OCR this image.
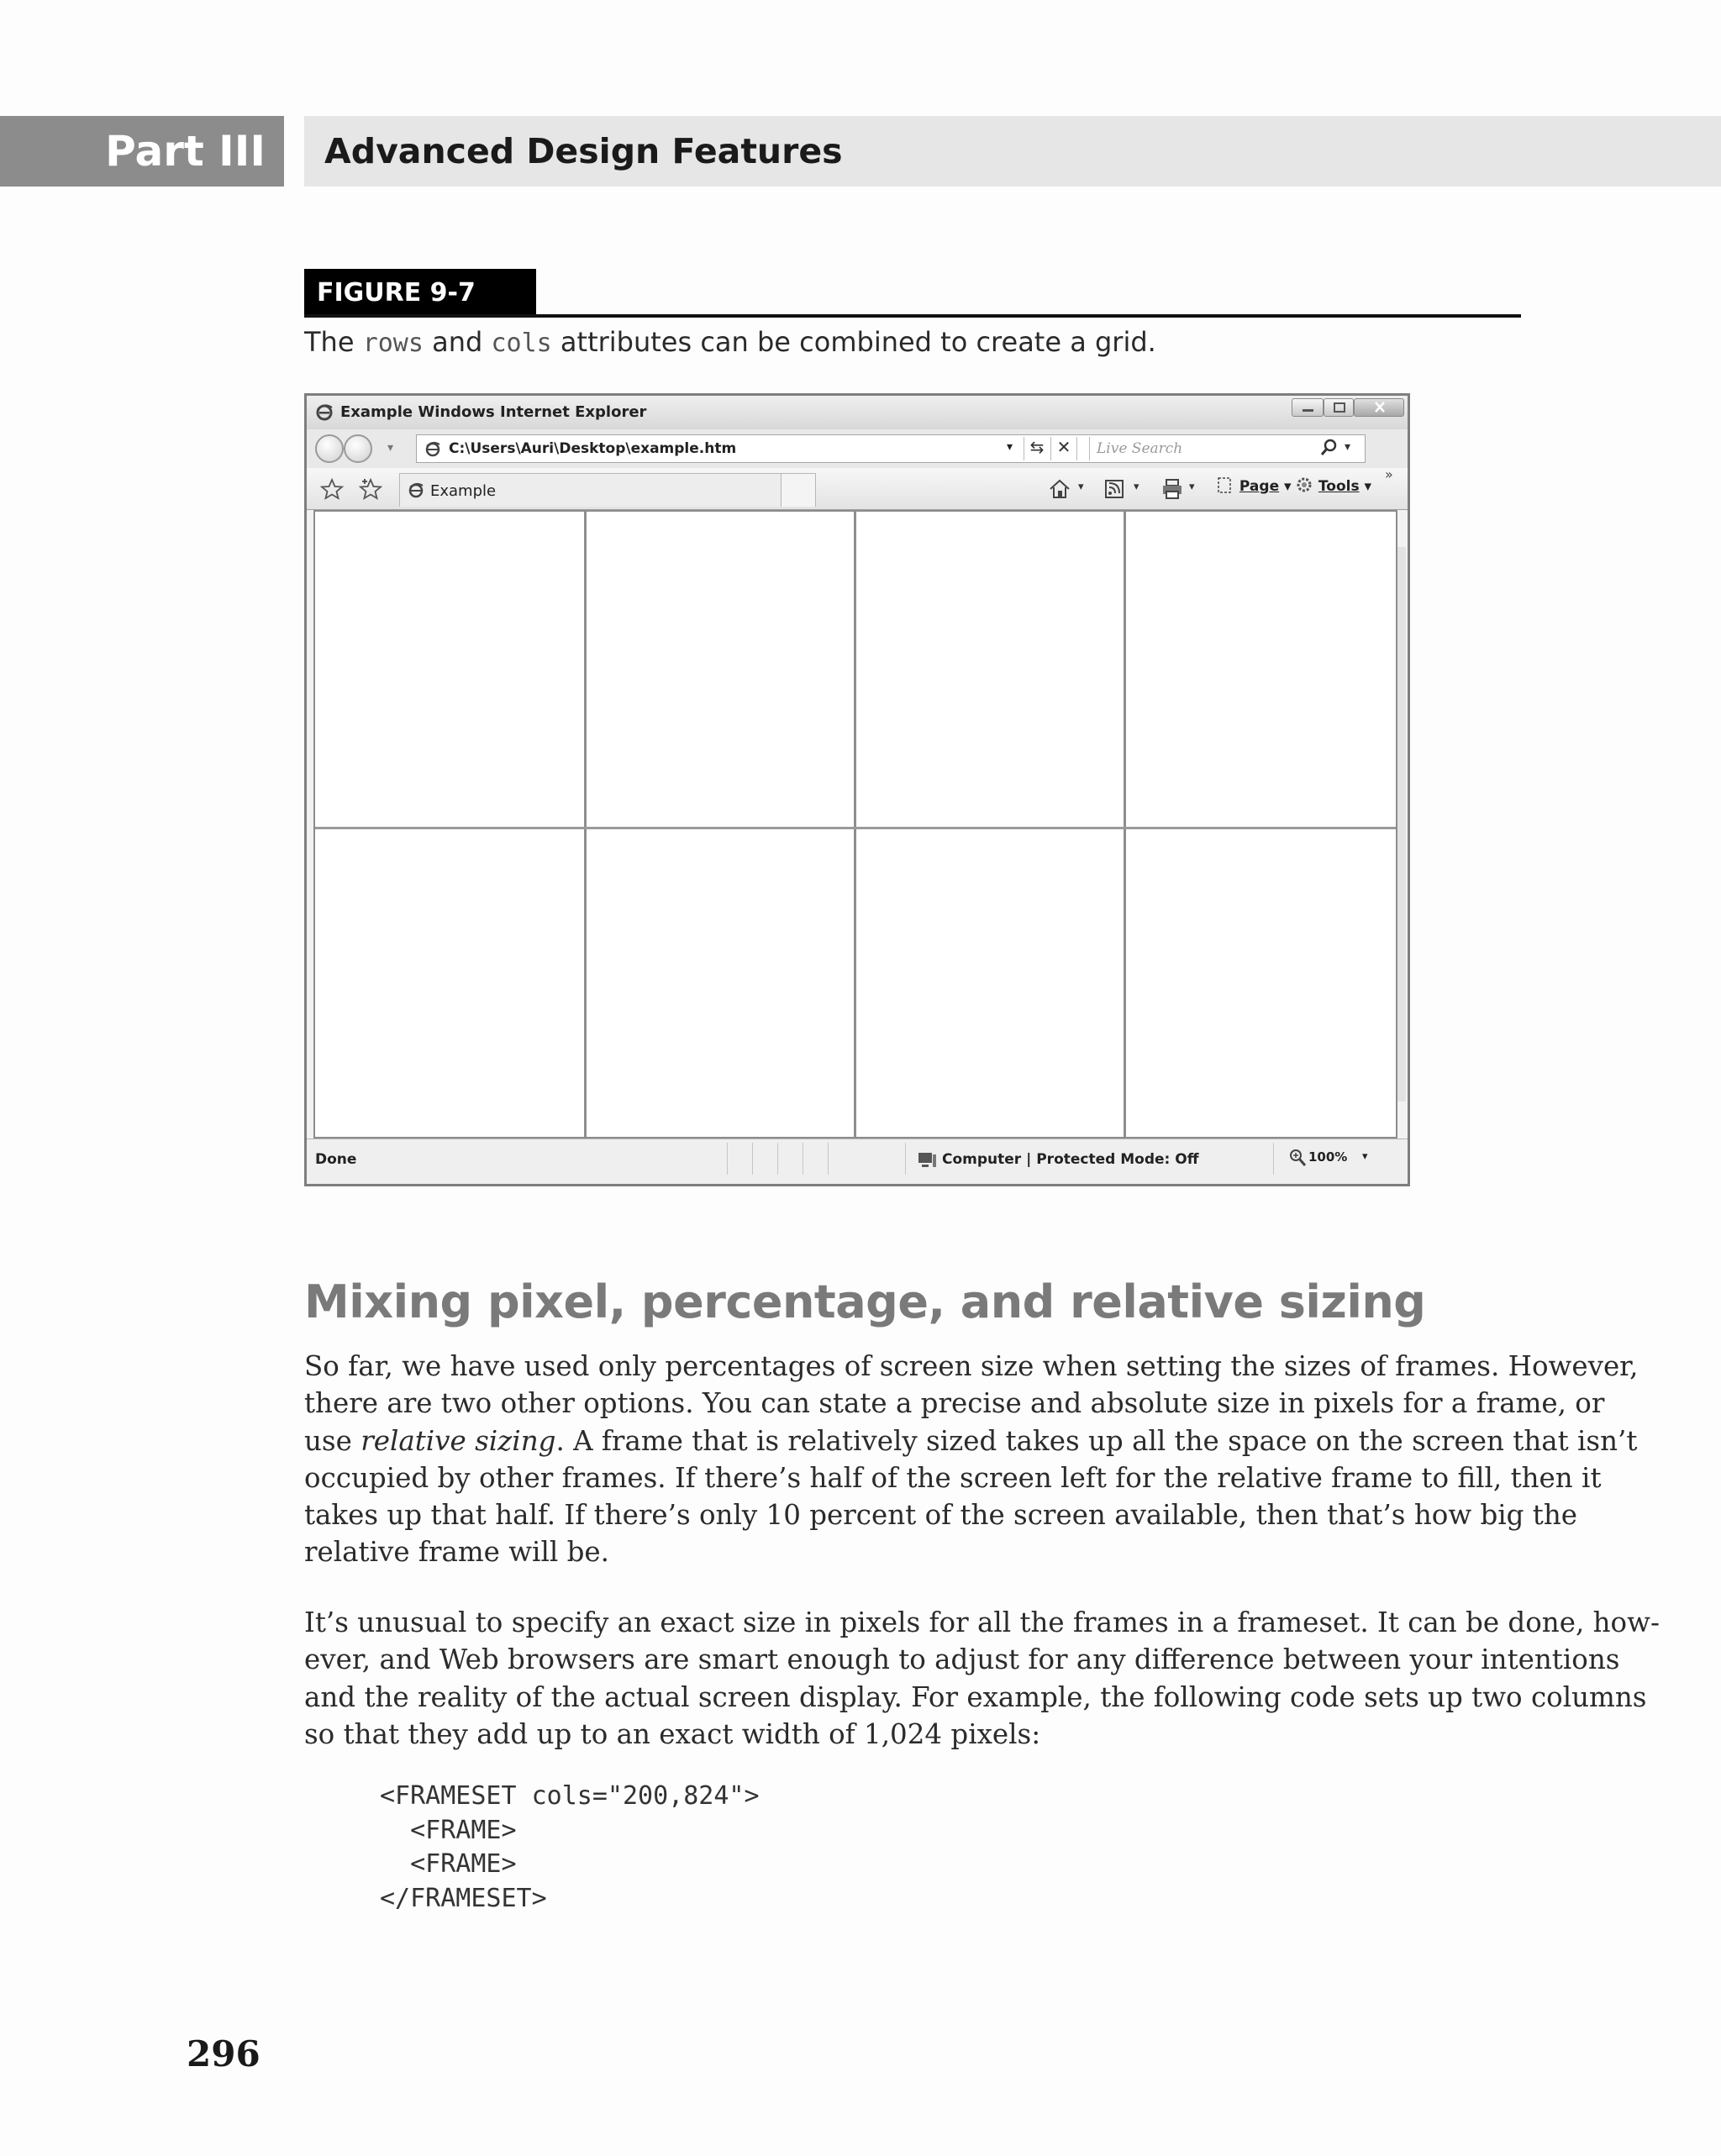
Part III	Advanced Design Features
FIGURE 9-7
The rows and cols attributes can be combined to create a grid.
Example Windows Internet Explorer
▾	C:\Users\Auri\Desktop\example.htm	▾	⇆ ✕	Live Search	▾
Example	▾	▾	▾	Page ▾	Tools ▾
»
Done	Computer | Protected Mode: Off	100% ▾
Mixing pixel, percentage, and relative sizing
So far, we have used only percentages of screen size when setting the sizes of frames. However,
there are two other options. You can state a precise and absolute size in pixels for a frame, or
use relative sizing. A frame that is relatively sized takes up all the space on the screen that isn’t
occupied by other frames. If there’s half of the screen left for the relative frame to fill, then it
takes up that half. If there’s only 10 percent of the screen available, then that’s how big the
relative frame will be.
It’s unusual to specify an exact size in pixels for all the frames in a frameset. It can be done, how-
ever, and Web browsers are smart enough to adjust for any difference between your intentions
and the reality of the actual screen display. For example, the following code sets up two columns
so that they add up to an exact width of 1,024 pixels:
<FRAMESET cols="200,824">
<FRAME>
<FRAME>
</FRAMESET>
296
